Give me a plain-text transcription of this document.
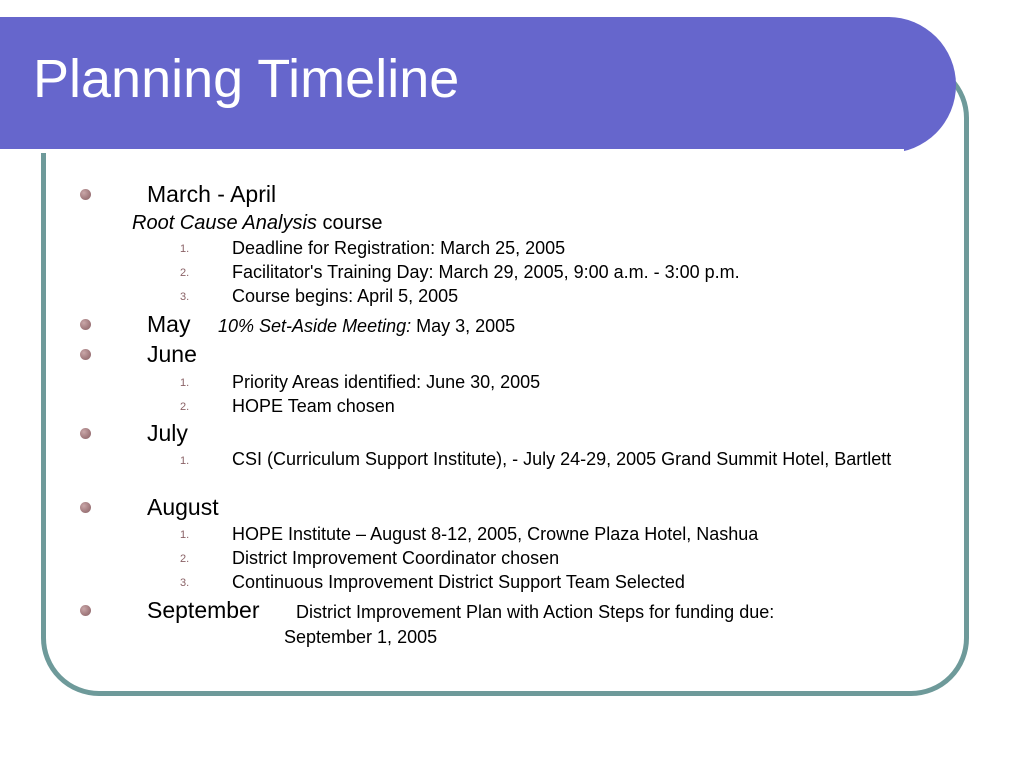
Planning Timeline
March - April
Root Cause Analysis course
1. Deadline for Registration: March 25, 2005
2. Facilitator's Training Day: March 29, 2005, 9:00 a.m. - 3:00 p.m.
3. Course begins: April 5, 2005
May 10% Set-Aside Meeting: May 3, 2005
June
1. Priority Areas identified: June 30, 2005
2. HOPE Team chosen
July
1. CSI (Curriculum Support Institute), - July 24-29, 2005 Grand Summit Hotel, Bartlett
August
1. HOPE Institute – August 8-12, 2005, Crowne Plaza Hotel, Nashua
2. District Improvement Coordinator chosen
3. Continuous Improvement District Support Team Selected
September District Improvement Plan with Action Steps for funding due:
September 1, 2005
